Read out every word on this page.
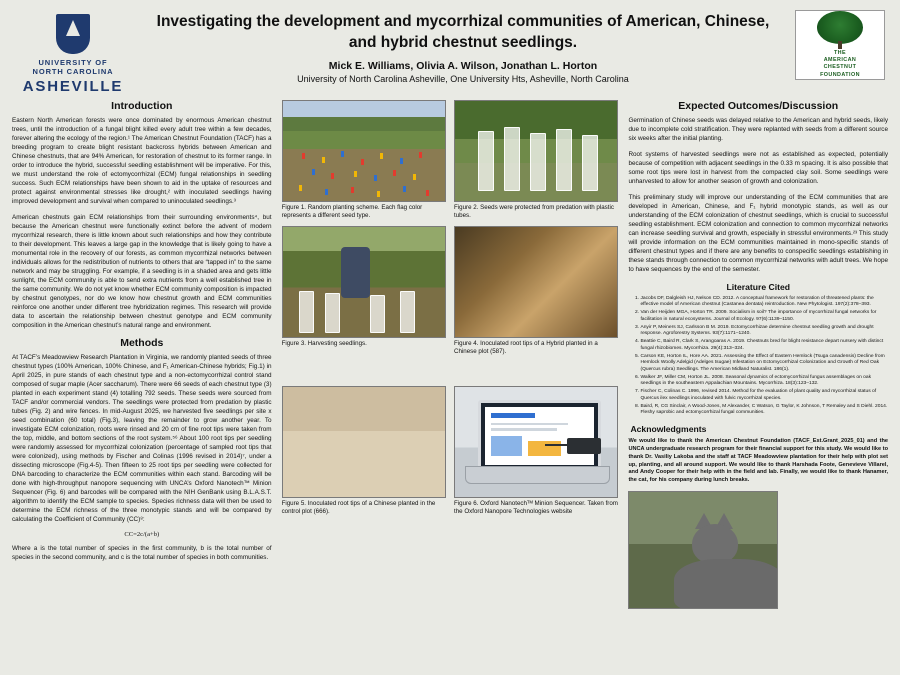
UNIVERSITY OF
NORTH CAROLINA
ASHEVILLE
Investigating the development and mycorrhizal communities of American, Chinese, and hybrid chestnut seedlings.

Mick E. Williams, Olivia A. Wilson, Jonathan L. Horton

University of North Carolina Asheville, One University Hts, Asheville, North Carolina

THE
AMERICAN
CHESTNUT
FOUNDATION
Introduction

Eastern North American forests were once dominated by enormous American chestnut trees, until the introduction of a fungal blight killed every adult tree within a few decades, forever altering the ecology of the region.¹ The American Chestnut Foundation (TACF) has a breeding program to create blight resistant backcross hybrids between American and Chinese chestnuts, that are 94% American, for restoration of chestnut to its former range. In order to introduce the hybrid, successful seedling establishment will be imperative. For this, we must understand the role of ectomycorrhizal (ECM) fungal relationships in seedling success. Such ECM relationships have been shown to aid in the uptake of resources and protect against environmental stresses like drought,² with inoculated seedlings having improved development and survival when compared to uninoculated seedlings.³

American chestnuts gain ECM relationships from their surrounding environments⁴, but because the American chestnut were functionally extinct before the advent of modern mycorrhizal research, there is little known about such relationships and how they contribute to their development. This leaves a large gap in the knowledge that is likely going to have a monumental role in the recovery of our forests, as common mycorrhizal networks between individuals allows for the redistribution of nutrients to others that are “tapped in” to the same network and may be struggling. For example, if a seedling is in a shaded area and gets little sunlight, the ECM community is able to send extra nutrients from a well established tree in the same community. We do not yet know whether ECM community composition is impacted by chestnut genotypes, nor do we know how chestnut growth and ECM communities reinforce one another under different tree hybridization regimes. This research will provide data to ascertain the relationship between chestnut genotype and ECM community composition in the American chestnut’s natural range and environment.

Methods

At TACF’s Meadowview Research Plantation in Virginia, we randomly planted seeds of three chestnut types (100% American, 100% Chinese, and F₁ American-Chinese hybrids; Fig.1) in April 2025, in pure stands of each chestnut type and a non-ectomycorrhizal control stand composed of sugar maple (Acer saccharum). There were 66 seeds of each chestnut type (3) planted in each experiment stand (4) totalling 792 seeds. These seeds were sourced from TACF and/or commercial vendors. The seedlings were protected from predation by plastic tubes (Fig. 2) and wire fences. In mid-August 2025, we harvested five seedlings per site x seed combination (60 total) (Fig.3), leaving the remainder to grow another year. To investigate ECM colonization, roots were rinsed and 20 cm of fine root tips were taken from the top, middle, and bottom sections of the root system.⁵⁶ About 100 root tips per seedling were randomly assessed for mycorrhizal colonization (percentage of sampled root tips that were colonized), using methods by Fischer and Colinas (1996 revised in 2014)⁷, under a dissecting microscope (Fig.4-5). Then fifteen to 25 root tips per seedling were collected for DNA barcoding to characterize the ECM communities within each stand. Barcoding will be done with high-throughput nanopore sequencing with UNCA’s Oxford Nanotech™ Minion Sequencer (Fig. 6) and barcodes will be compared with the NIH GenBank using B.L.A.S.T. algorithm to identify the ECM sample to species. Species richness data will then be used to determine the ECM richness of the three monotypic stands and will be compared by calculating the Coefficient of Community (CC)⁸:

CC=2c/(a+b)

Where a is the total number of species in the first community, b is the total number of species in the second community, and c is the total number of species in both communities.

Figure 1. Random planting scheme. Each flag color represents a different seed type.

Figure 2. Seeds were protected from predation with plastic tubes.

Figure 3. Harvesting seedlings.	Figure 4. Inoculated root tips of a Hybrid planted in a Chinese plot (587).

Figure 5. Inoculated root tips of a Chinese planted in the control plot (666).

Figure 6. Oxford Nanotechᵀᴹ Minion Sequencer. Taken from the Oxford Nanopore Technologies website

Expected Outcomes/Discussion

Germination of Chinese seeds was delayed relative to the American and hybrid seeds, likely due to incomplete cold stratification. They were replanted with seeds from a different source six weeks after the initial planting.

Root systems of harvested seedlings were not as established as expected, potentially because of competition with adjacent seedlings in the 0.33 m spacing. It is also possible that some root tips were lost in harvest from the compacted clay soil. Some seedlings were unharvested to allow for another season of growth and colonization.

This preliminary study will improve our understanding of the ECM communities that are developed in American, Chinese, and F₁ hybrid monotypic stands, as well as our understanding of the ECM colonization of chestnut seedlings, which is crucial to successful seedling establishment. ECM colonization and connection to common mycorrhizal networks can increase seedling survival and growth, especially in stressful environments.²³ This study will provide information on the ECM communities maintained in mono-specific stands of different chestnut types and if there are any benefits to conspecific seedlings establishing in these stands through connection to common mycorrhizal networks with adult trees. We hope to have sequences by the end of the semester.

Literature Cited
1. Jacobs DF, Dalgleish HJ, Nelson CD. 2012. A conceptual framework for restoration of threatened plants: the effective model of American chestnut (Castanea dentata) reintroduction. New Phytologist. 197(2):378–393.
2. Van der Heijden MGA, Horton TR. 2009. Socialism in soil? The importance of mycorrhizal fungal networks for facilitation in natural ecosystems. Journal of Ecology. 97(6):1139–1150.
3. Anyir P, Meiners SJ, Carlsson B M. 2019. Ectomycorrhizae determine chestnut seedling growth and drought response. Agroforestry Systems. 93(7):1171–1240.
4. Beattie C, Baird R, Clark S, Arangoaras A. 2019. Chestnuts bred for blight resistance depart nursery with distinct fungal rhizobiomes. Mycorrhiza. 29(4):313–324.
5. Carson KE, Horton IL, Hore AA. 2021. Assessing the Effect of Eastern Hemlock (Tsuga canadensis) Decline from Hemlock Woolly Adelgid (Adelges tsugae) Infestation on Ectomycorrhizal Colonization and Growth of Red Oak (Quercus rubra) Seedlings. The American Midland Naturalist. 186(1).
6. Walker JF, Miller CM, Horton JL. 2008. Seasonal dynamics of ectomycorrhizal fungus assemblages on oak seedlings in the southeastern Appalachian Mountains. Mycorrhiza. 18(3):123–132.
7. Fischer C, Colinas C. 1996, revised 2014. Method for the evaluation of plant quality and mycorrhizal status of Quercus ilex seedlings inoculated with fulvic mycorrhizal species.
8. Baird, R, CG Sinclair, A Wood-Jones, M Alexander, C Watson, G Taylor, K Johnson, T Remaley and S Diehl. 2014. Fleshy saprobic and ectomycorrhizal fungal communities.
Acknowledgments

We would like to thank the American Chestnut Foundation (TACF_Est.Grant_2025_01) and the UNCA undergraduate research program for their financial support for this study. We would like to thank Dr. Vasiliy Lakoba and the staff at TACF Meadowview plantation for their help with plot set up, planting, and all around support. We would like to thank Harshada Foote, Genevieve Villarel, and Andy Cooper for their help with in the field and lab. Finally, we would like to thank Hanamer, the cat, for his company during lunch breaks.
